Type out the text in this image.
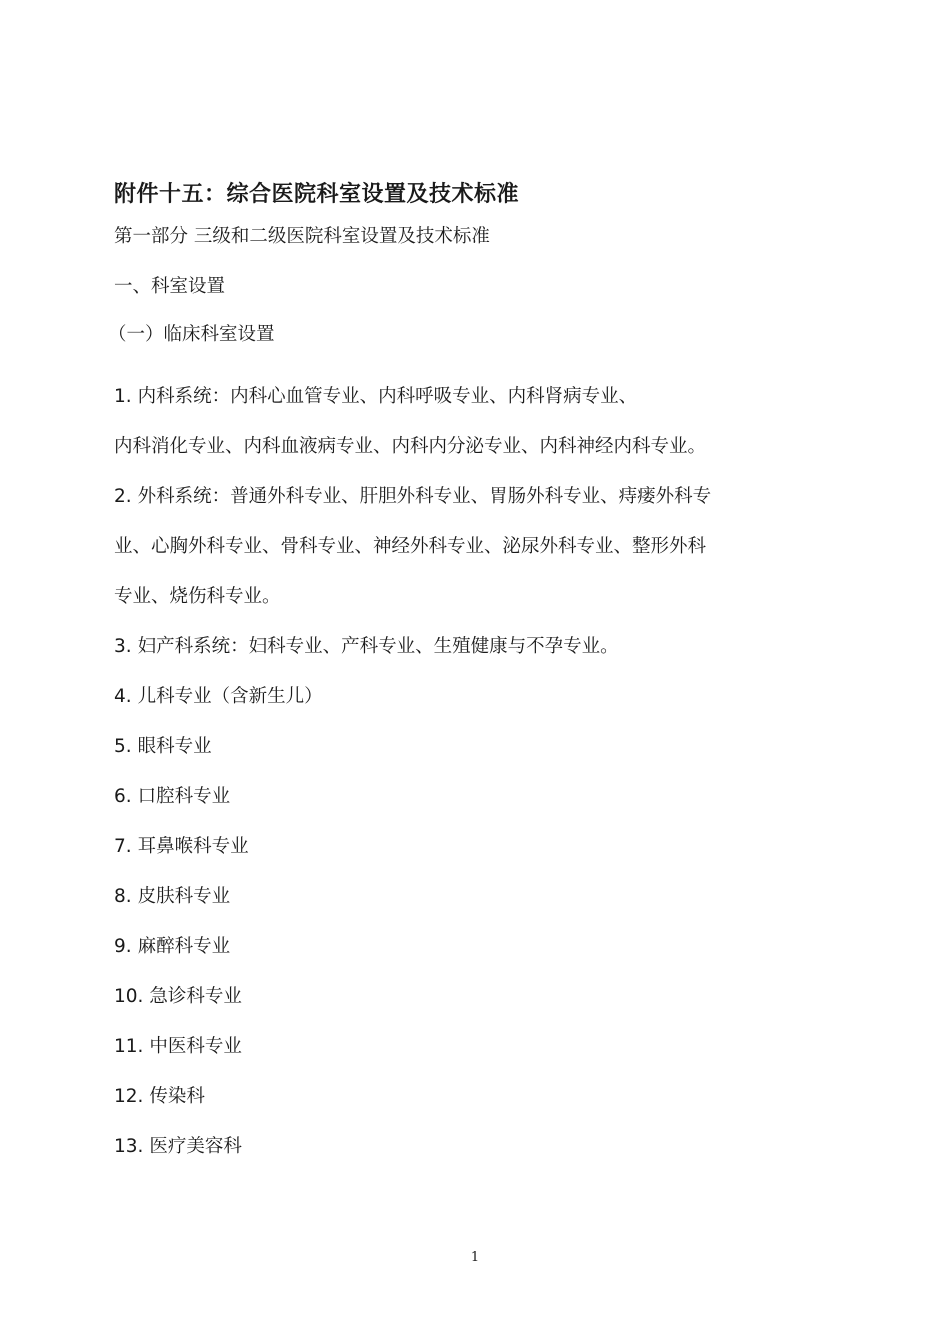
附件十五：综合医院科室设置及技术标准
第一部分 三级和二级医院科室设置及技术标准
一、科室设置
（一）临床科室设置

1. 内科系统：内科心血管专业、内科呼吸专业、内科肾病专业、

内科消化专业、内科血液病专业、内科内分泌专业、内科神经内科专业。

2. 外科系统：普通外科专业、肝胆外科专业、胃肠外科专业、痔瘘外科专

业、心胸外科专业、骨科专业、神经外科专业、泌尿外科专业、整形外科

专业、烧伤科专业。

3. 妇产科系统：妇科专业、产科专业、生殖健康与不孕专业。

4. 儿科专业（含新生儿）

5. 眼科专业

6. 口腔科专业

7. 耳鼻喉科专业

8. 皮肤科专业

9. 麻醉科专业

10. 急诊科专业

11. 中医科专业

12. 传染科

13. 医疗美容科

1
